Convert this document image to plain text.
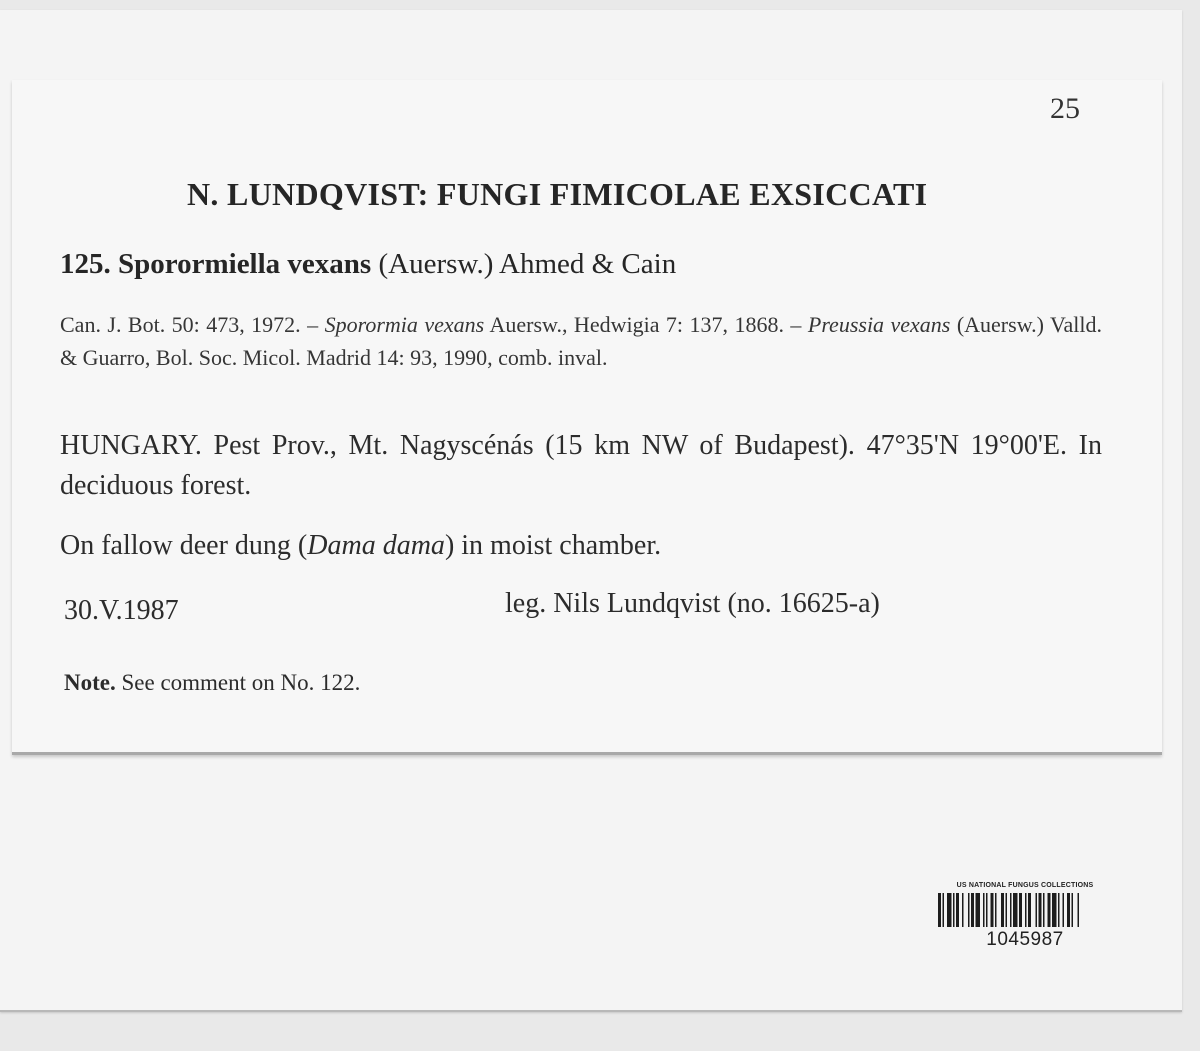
25
N. LUNDQVIST: FUNGI FIMICOLAE EXSICCATI
125. Sporormiella vexans (Auersw.) Ahmed & Cain
Can. J. Bot. 50: 473, 1972. – Sporormia vexans Auersw., Hedwigia 7: 137, 1868. – Preussia vexans (Auersw.) Valld. & Guarro, Bol. Soc. Micol. Madrid 14: 93, 1990, comb. inval.
HUNGARY. Pest Prov., Mt. Nagyscénás (15 km NW of Budapest). 47°35'N 19°00'E. In deciduous forest.
On fallow deer dung (Dama dama) in moist chamber.
30.V.1987	leg. Nils Lundqvist (no. 16625-a)
Note. See comment on No. 122.
US NATIONAL FUNGUS COLLECTIONS
1045987
